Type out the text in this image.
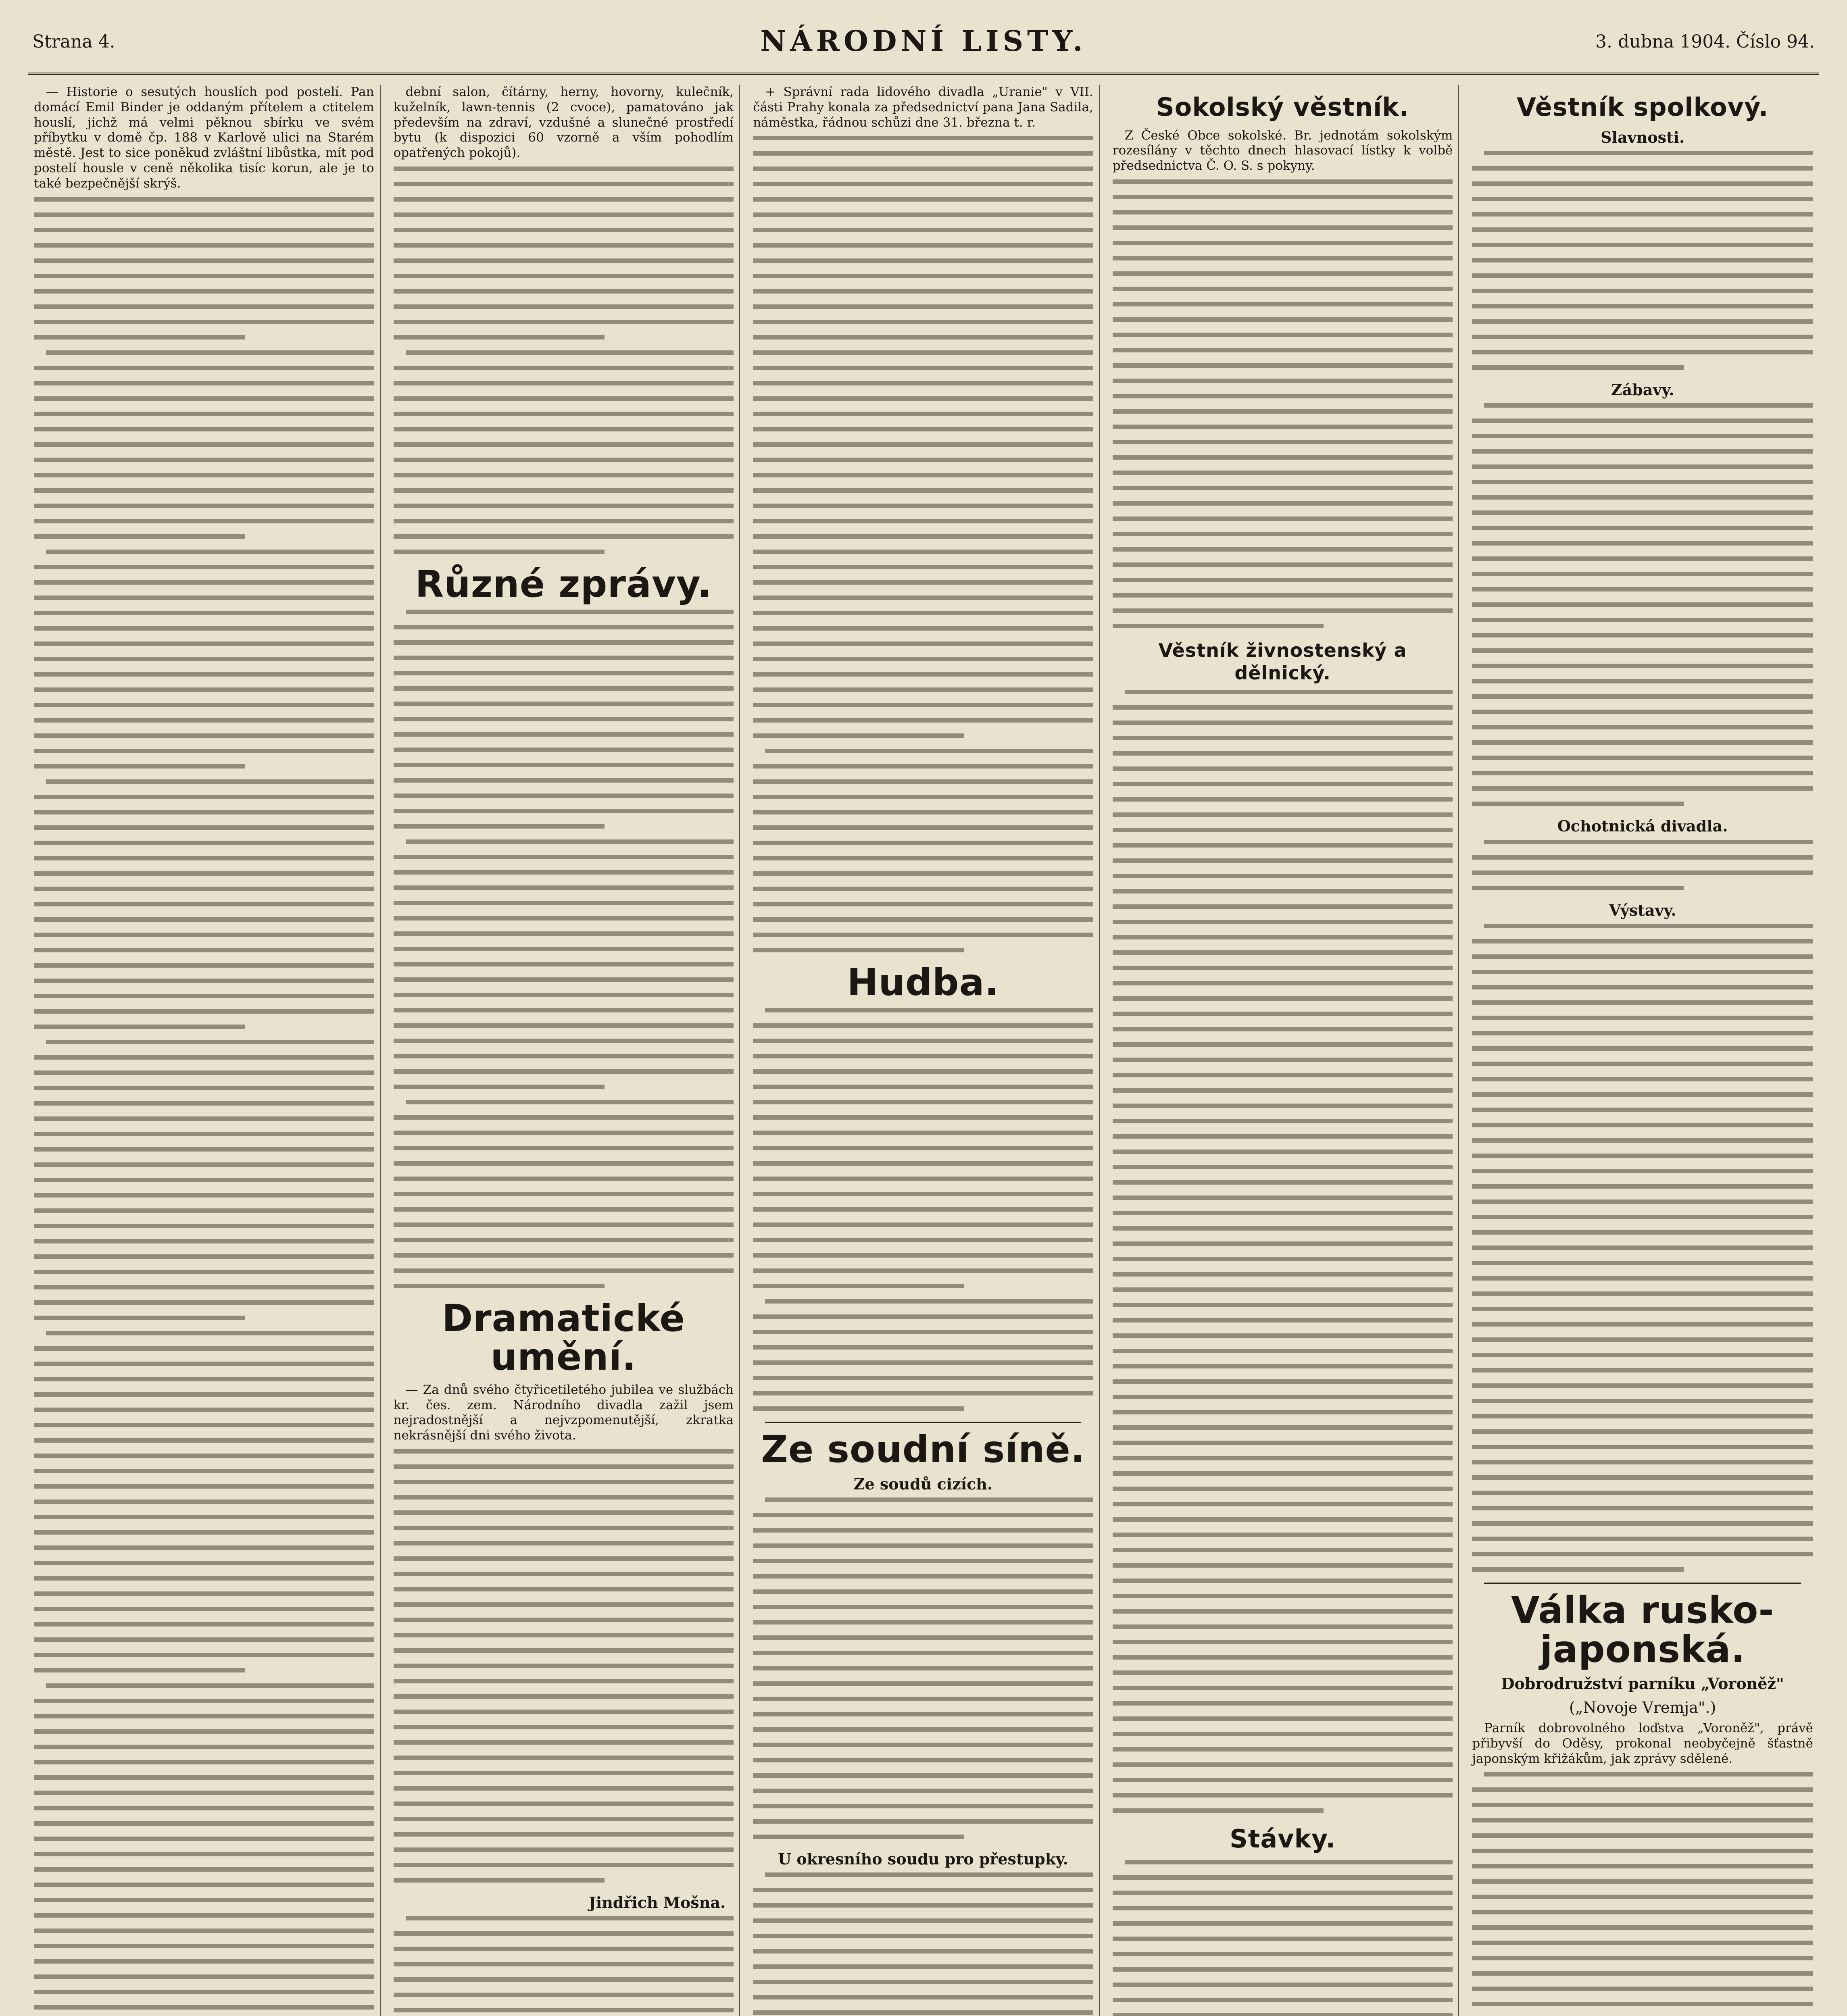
Strana 4.	NÁRODNÍ LISTY.	3. dubna 1904. Číslo 94.

— Historie o sesutých houslích pod postelí. Pan domácí Emil Binder je oddaným přítelem a ctitelem houslí, jichž má velmi pěknou sbírku ve svém příbytku v domě čp. 188 v Karlově ulici na Starém městě. Jest to sice poněkud zvláštní libůstka, mít pod postelí housle v ceně několika tisíc korun, ale je to také bezpečnější skrýš.

dební salon, čítárny, herny, hovorny, kulečník, kuželník, lawn-tennis (2 cvoce), pamatováno jak především na zdraví, vzdušné a slunečné prostředí bytu (k dispozici 60 vzorně a vším pohodlím opatřených pokojů).

Různé zprávy.
Dramatické umění.

— Za dnů svého čtyřicetiletého jubilea ve službách kr. čes. zem. Národního divadla zažil jsem nejradostnější a nejvzpomenutější, zkratka nekrásnější dni svého života.

Jindřich Mošna.

+ Správní rada lidového divadla „Uranie" v VII. části Prahy konala za předsednictví pana Jana Sadila, náměstka, řádnou schůzi dne 31. března t. r.

Hudba.
Ze soudní síně.
Ze soudů cizích.
U okresního soudu pro přestupky.
Sokolský věstník.

Z České Obce sokolské. Br. jednotám sokolským rozesílány v těchto dnech hlasovací lístky k volbě předsednictva Č. O. S. s pokyny.

Věstník živnostenský a dělnický.
Stávky.
Věstník spolkový.
Slavnosti.
Zábavy.
Ochotnická divadla.
Výstavy.
Válka rusko-japonská.
Dobrodružství parníku „Voroněž"
(„Novoje Vremja".)

Parník dobrovolného loďstva „Voroněž", právě přibyvší do Oděsy, prokonal neobyčejně šťastně japonským křižákům, jak zprávy sdělené.
